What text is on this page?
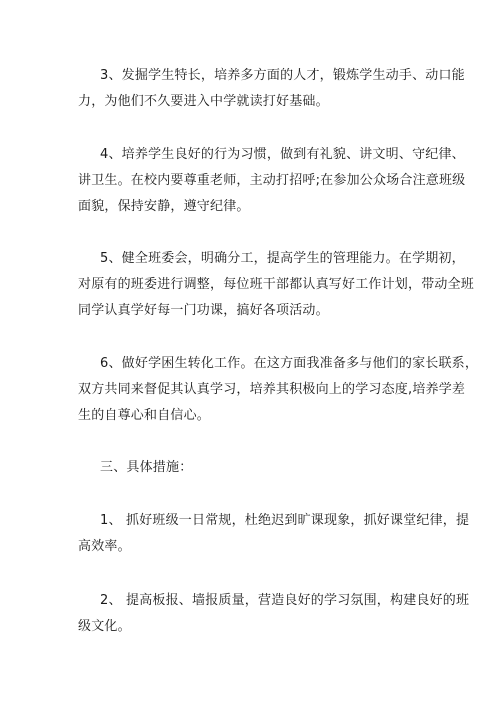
3、发掘学生特长，培养多方面的人才，锻炼学生动手、动口能
力，为他们不久要进入中学就读打好基础。

4、培养学生良好的行为习惯，做到有礼貌、讲文明、守纪律、
讲卫生。在校内要尊重老师，主动打招呼;在参加公众场合注意班级
面貌，保持安静，遵守纪律。

5、健全班委会，明确分工，提高学生的管理能力。在学期初，
对原有的班委进行调整，每位班干部都认真写好工作计划，带动全班
同学认真学好每一门功课，搞好各项活动。

6、做好学困生转化工作。在这方面我准备多与他们的家长联系，
双方共同来督促其认真学习，培养其积极向上的学习态度,培养学差
生的自尊心和自信心。

三、具体措施：

1、 抓好班级一日常规，杜绝迟到旷课现象，抓好课堂纪律，提
高效率。

2、 提高板报、墙报质量，营造良好的学习氛围，构建良好的班
级文化。
